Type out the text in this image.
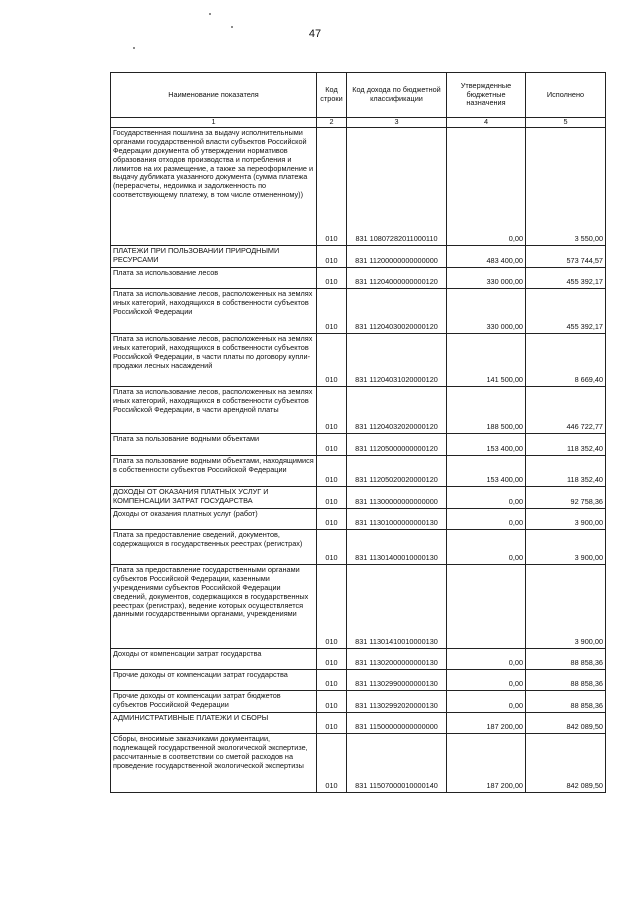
47
Наименование показателя	Код строки	Код дохода по бюджетной классификации	Утвержденные бюджетные назначения	Исполнено
1	2	3	4	5
Государственная пошлина за выдачу исполнительными органами государственной власти субъектов Российской Федерации документа об утверждении нормативов образования отходов производства и потребления и лимитов на их размещение, а также за переоформление и выдачу дубликата указанного документа (сумма платежа (перерасчеты, недоимка и задолженность по соответствующему платежу, в том числе отмененному))	010	831 10807282011000110	0,00	3 550,00
ПЛАТЕЖИ ПРИ ПОЛЬЗОВАНИИ ПРИРОДНЫМИ РЕСУРСАМИ	010	831 11200000000000000	483 400,00	573 744,57
Плата за использование лесов	010	831 11204000000000120	330 000,00	455 392,17
Плата за использование лесов, расположенных на землях иных категорий, находящихся в собственности субъектов Российской Федерации	010	831 11204030020000120	330 000,00	455 392,17
Плата за использование лесов, расположенных на землях иных категорий, находящихся в собственности субъектов Российской Федерации, в части платы по договору купли-продажи лесных насаждений	010	831 11204031020000120	141 500,00	8 669,40
Плата за использование лесов, расположенных на землях иных категорий, находящихся в собственности субъектов Российской Федерации, в части арендной платы	010	831 11204032020000120	188 500,00	446 722,77
Плата за пользование водными объектами	010	831 11205000000000120	153 400,00	118 352,40
Плата за пользование водными объектами, находящимися в собственности субъектов Российской Федерации	010	831 11205020020000120	153 400,00	118 352,40
ДОХОДЫ ОТ ОКАЗАНИЯ ПЛАТНЫХ УСЛУГ И КОМПЕНСАЦИИ ЗАТРАТ ГОСУДАРСТВА	010	831 11300000000000000	0,00	92 758,36
Доходы от оказания платных услуг (работ)	010	831 11301000000000130	0,00	3 900,00
Плата за предоставление сведений, документов, содержащихся в государственных реестрах (регистрах)	010	831 11301400010000130	0,00	3 900,00
Плата за предоставление государственными органами субъектов Российской Федерации, казенными учреждениями субъектов Российской Федерации сведений, документов, содержащихся в государственных реестрах (регистрах), ведение которых осуществляется данными государственными органами, учреждениями	010	831 11301410010000130		3 900,00
Доходы от компенсации затрат государства	010	831 11302000000000130	0,00	88 858,36
Прочие доходы от компенсации затрат государства	010	831 11302990000000130	0,00	88 858,36
Прочие доходы от компенсации затрат бюджетов субъектов Российской Федерации	010	831 11302992020000130	0,00	88 858,36
АДМИНИСТРАТИВНЫЕ ПЛАТЕЖИ И СБОРЫ	010	831 11500000000000000	187 200,00	842 089,50
Сборы, вносимые заказчиками документации, подлежащей государственной экологической экспертизе, рассчитанные в соответствии со сметой расходов на проведение государственной экологической экспертизы	010	831 11507000010000140	187 200,00	842 089,50
